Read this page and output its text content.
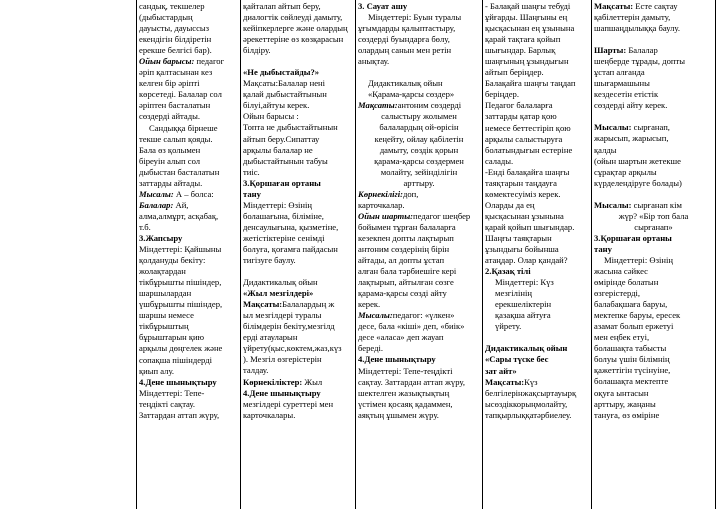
сандық, текшелер

(дыбыстардың

дауысты, дауыссыз

екендігін білдіретін

ерекше белгісі бар).

Ойын барысы: педагог

әріп қалтасынан кез

келген бір әріпті

көрсетеді. Балалар сол

әріптен басталатын

сөздерді айтады.

Сандыққа бірнеше

текше салып қояды.

Бала өз қолымен

біреуін алып сол

дыбыстан басталатын

заттарды айтады.

Мысалы: А – болса:

Балалар: Ай,

алма,алмұрт, асқабақ,

т.б.

3.Жапсыру

Міндеттері: Қайшыны

қолдануды бекіту:

жолақтардан

тікбұрышты пішіндер,

шаршылардан

үшбұрышты пішіндер,

шаршы немесе

тікбұрыштың

бұрыштарын қию

арқылы дөңгелек және

сопақша пішіндерді

қиып алу.

4.Дене шынықтыру

Міндеттері: Тепе-

теңдікті сақтау.

Заттардан аттап жүру,

қайталап айтып беру,

диалогтік сөйлеуді дамыту,

кейіпкерлерге және олардың

әрекеттеріне өз көзқарасын

білдіру.

«Не дыбыстайды?»

Мақсаты:Балалар нені

қалай дыбыстайтынын

білуі,айтуы керек.

Ойын барысы :

Топта не дыбыстайтынын

айтып беру.Сипаттау

арқылы балалар не

дыбыстайтынын табуы

тиіс.

3.Қоршаған ортаны

тану

Міндеттері: Өзінің

болашағына, біліміне,

денсаулығына, қызметіне,

жетістіктеріне сенімді

болуға, қоғамға пайдасын

тигізуге баулу.

Дидактикалық ойын

«Жыл мезгілдері»

Мақсаты:Балалардың ж

ыл мезгілдері туралы

білімдерін бекіту,мезгілд

ерді атауларын

үйрету(қыс,көктем,жаз,күз

). Мезгіл өзгерістерін

талдау.

Көрнекіліктер: Жыл

4.Дене шынықтыру

мезгілдері суреттері мен

карточкалары.

3. Сауат ашу

Міндеттері: Буын туралы

ұғымдарды қалыптастыру,

сөздерді буындарға бөлу,

олардың санын мен ретін

анықтау.

Дидактикалық ойын

«Қарама-қарсы сөздер»

Мақсаты:антоним сөздерді

салыстыру жолымен

балалардың ой-өрісін

кеңейту, ойлау қабілетін

дамыту, сөздік қорын

қарама-қарсы сөздермен

молайту, зейінділігін

арттыру.

Көрнекілігі:доп,

карточкалар.

Ойын шарты:педагог шеңбер

бойымен тұрған балаларға

кезекпен допты лақтырып

антоним сөздерінің бірін

айтады, ал допты ұстап

алған бала тәрбиешіге кері

лақтырып, айтылған сөзге

қарама-қарсы сөзді айту

керек.

Мысалы:педагог: «үлкен»

десе, бала «кіші» деп, «биік»

десе «аласа» деп жауап

береді.

4.Дене шынықтыру

Міндеттері: Тепе-теңдікті

сақтау. Заттардан аттап жүру,

шектелген жазықтықтың

үстімен қосаяқ қадаммен,

аяқтың ұшымен жүру.

- Балақай шаңғы тебуді

ұйғарды. Шаңғыны ең

қысқасынан ең ұзынына

қарай тақтаға қойып

шығындар. Барлық

шаңғының ұзындығын

айтып беріңдер.

Балақайға шаңғы таңдап

беріңдер.

Педагог балаларға

заттарды қатар қою

немесе беттестіріп қою

арқылы салыстыруға

болатындығын естеріне

салады.

-Енді балақайға шаңғы

таяқтарын таңдауға

көмектесуіміз керек.

Оларды да ең

қысқасынан ұзынына

қарай қойып шығындар.

Шаңғы таяқтарын

ұзындығы бойынша

атаңдар. Олар қандай?

2.Қазақ тілі

Міндеттері: Күз

мезгілінің

ерекшеліктерін

қазақша айтуға

үйрету.

Дидактикалық ойын

«Сары түске бес

зат айт»

Мақсаты:Күз

белгілерінжақсыртауырқ

ысөздіккорыңмолайту,

тапқырлыққатәрбиелеу.

Мақсаты: Есте сақтау

қабілеттерін дамыту,

шапшаңдылыққа баулу.

Шарты: Балалар

шеңберде тұрады, допты

ұстап алғанда

шығармашыны

кездесетін етістік

сөздерді айту керек.

Мысалы: сырғанап,

жарысып, жарысып,

қалды

(ойын шартын жетекше

сұрақтар арқылы

күрделендіруге болады)

Мысалы: сырғанап кім

жүр? «Бір топ бала

сырғанап»

3.Қоршаған ортаны

тану

Міндеттері: Өзінің

жасына сәйкес

өмірінде болатын

өзгерістерді,

балабақшаға баруы,

мектепке баруы, ересек

азамат болып ержетуі

мен еңбек етуі,

болашақта табысты

болуы үшін білімнің

қажеттігін түсінуіне,

болашақта мектепте

оқуға ынтасын

арттыру, жаңаны

тануға, өз өміріне
